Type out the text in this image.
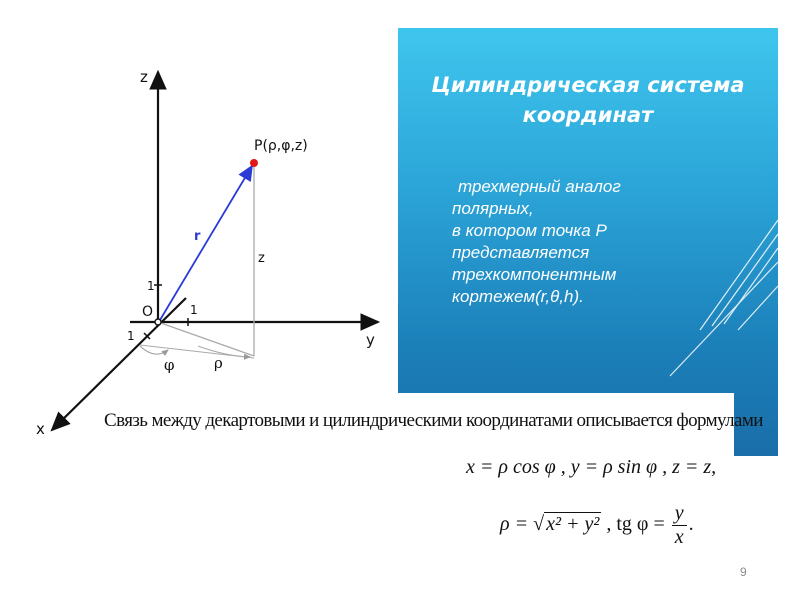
Цилиндрическая система
координат
трехмерный аналог
полярных,
в котором точка P
представляется
трехкомпонентным
кортежем(r,θ,h).
z
y
x
P(ρ,φ,z)
r
z
O
1
1
1
φ	ρ
Связь между декартовыми и цилиндрическими координатами описывается формулами
x = ρ cos φ , y = ρ sin φ , z = z,
ρ = √ x² + y² , tg $\varphi = \frac{y}{x}$ .
9
